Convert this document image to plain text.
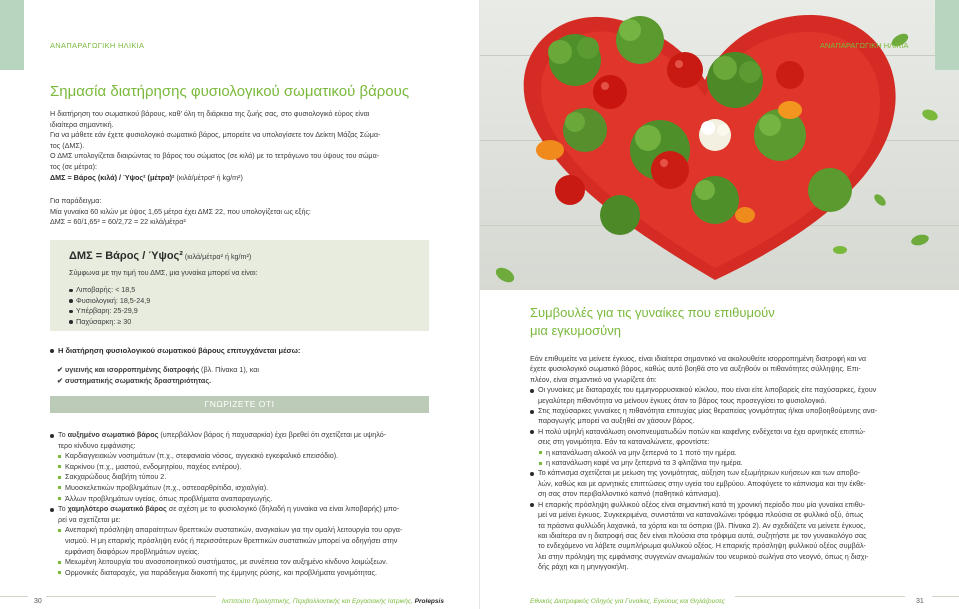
ΑΝΑΠΑΡΑΓΩΓΙΚΗ ΗΛΙΚΙΑ
Σημασία διατήρησης φυσιολογικού σωματικού βάρους
Η διατήρηση του σωματικού βάρους, καθ’ όλη τη διάρκεια της ζωής σας, στο φυσιολογικό εύρος είναι
ιδιαίτερα σημαντική.
Για να μάθετε εάν έχετε φυσιολογικό σωματικό βάρος, μπορείτε να υπολογίσετε τον Δείκτη Μάζας Σώμα-
τος (ΔΜΣ).
Ο ΔΜΣ υπολογίζεται διαιρώντας το βάρος του σώματος (σε κιλά) με το τετράγωνο του ύψους του σώμα-
τος (σε μέτρα):
ΔΜΣ = Βάρος (κιλά) / Ύψος² (μέτρα)² (κιλά/μέτρα² ή kg/m²)
Για παράδειγμα:
Μία γυναίκα 60 κιλών με ύψος 1,65 μέτρα έχει ΔΜΣ 22, που υπολογίζεται ως εξής:
ΔΜΣ = 60/1,65² = 60/2,72 = 22 κιλά/μέτρα²
ΔΜΣ = Βάρος / Ύψος² (κιλά/μέτρα² ή kg/m²)
Σύμφωνα με την τιμή του ΔΜΣ, μια γυναίκα μπορεί να είναι:
Λιποβαρής: < 18,5
Φυσιολογική: 18,5-24,9
Υπέρβαρη: 25-29,9
Παχύσαρκη: ≥ 30
Η διατήρηση φυσιολογικού σωματικού βάρους επιτυγχάνεται μέσω:
✔ υγιεινής και ισορροπημένης διατροφής (βλ. Πίνακα 1), και
✔ συστηματικής σωματικής δραστηριότητας.
ΓΝΩΡΙΖΕΤΕ ΟΤΙ
Το αυξημένο σωματικό βάρος (υπερβάλλον βάρος ή παχυσαρκία) έχει βρεθεί ότι σχετίζεται με υψηλό-
τερο κίνδυνο εμφάνισης:
Καρδιαγγειακών νοσημάτων (π.χ., στεφανιαία νόσος, αγγειακό εγκεφαλικό επεισόδιο).
Καρκίνου (π.χ., μαστού, ενδομητρίου, παχέος εντέρου).
Σακχαρώδους διαβήτη τύπου 2.
Μυοσκελετικών προβλημάτων (π.χ., οστεοαρθρίτιδα, ισχιαλγία).
Άλλων προβλημάτων υγείας, όπως προβλήματα αναπαραγωγής.
Το χαμηλότερο σωματικό βάρος σε σχέση με το φυσιολογικό (δηλαδή η γυναίκα να είναι λιποβαρής) μπο-
ρεί να σχετίζεται με:
Ανεπαρκή πρόσληψη απαραίτητων θρεπτικών συστατικών, αναγκαίων για την ομαλή λειτουργία του οργα-
νισμού. Η μη επαρκής πρόσληψη ενός ή περισσότερων θρεπτικών συστατικών μπορεί να οδηγήσει στην
εμφάνιση διαφόρων προβλημάτων υγείας.
Μειωμένη λειτουργία του ανοσοποιητικού συστήματος, με συνέπεια τον αυξημένο κίνδυνο λοιμώξεων.
Ορμονικές διαταραχές, για παράδειγμα διακοπή της έμμηνης ρύσης, και προβλήματα γονιμότητας.
30	Ινστιτούτο Προληπτικής, Περιβαλλοντικής και Εργασιακής Ιατρικής, Prolepsis
ΑΝΑΠΑΡΑΓΩΓΙΚΗ ΗΛΙΚΙΑ
Συμβουλές για τις γυναίκες που επιθυμούν
μια εγκυμοσύνη
Εάν επιθυμείτε να μείνετε έγκυος, είναι ιδιαίτερα σημαντικό να ακολουθείτε ισορροπημένη διατροφή και να
έχετε φυσιολογικό σωματικό βάρος, καθώς αυτό βοηθά στο να αυξηθούν οι πιθανότητες σύλληψης. Επι-
πλέον, είναι σημαντικό να γνωρίζετε ότι:
Οι γυναίκες με διαταραχές του εμμηνορρυσιακού κύκλου, που είναι είτε λιποβαρείς είτε παχύσαρκες, έχουν
μεγαλύτερη πιθανότητα να μείνουν έγκυες όταν το βάρος τους προσεγγίσει το φυσιολογικό.
Στις παχύσαρκες γυναίκες η πιθανότητα επιτυχίας μίας θεραπείας γονιμότητας ή/και υποβοηθούμενης ανα-
παραγωγής μπορεί να αυξηθεί αν χάσουν βάρος.
Η πολύ υψηλή κατανάλωση οινοπνευματωδών ποτών και καφεΐνης ενδέχεται να έχει αρνητικές επιπτώ-
σεις στη γονιμότητα. Εάν τα καταναλώνετε, φροντίστε:
η κατανάλωση αλκοόλ να μην ξεπερνά το 1 ποτό την ημέρα.
η κατανάλωση καφέ να μην ξεπερνά τα 3 φλιτζάνια την ημέρα.
Το κάπνισμα σχετίζεται με μείωση της γονιμότητας, αύξηση των εξωμήτριων κυήσεων και των αποβο-
λών, καθώς και με αρνητικές επιπτώσεις στην υγεία του εμβρύου. Αποφύγετε το κάπνισμα και την έκθε-
ση σας στον περιβαλλοντικό καπνό (παθητικό κάπνισμα).
Η επαρκής πρόσληψη φυλλικού οξέος είναι σημαντική κατά τη χρονική περίοδο που μία γυναίκα επιθυ-
μεί να μείνει έγκυος. Συγκεκριμένα, συνιστάται να καταναλώνει τρόφιμα πλούσια σε φυλλικό οξύ, όπως
τα πράσινα φυλλώδη λαχανικά, τα χόρτα και τα όσπρια (βλ. Πίνακα 2). Αν σχεδιάζετε να μείνετε έγκυος,
και ιδιαίτερα αν η διατροφή σας δεν είναι πλούσια στα τρόφιμα αυτά, συζητήστε με τον γυναικολόγο σας
το ενδεχόμενο να λάβετε συμπλήρωμα φυλλικού οξέος. Η επαρκής πρόσληψη φυλλικού οξέος συμβάλ-
λει στην πρόληψη της εμφάνισης συγγενών ανωμαλιών του νευρικού σωλήνα στο νεογνό, όπως η δισχι-
δής ράχη και η μηνιγγοκήλη.
Εθνικός Διατροφικός Οδηγός για Γυναίκες, Εγκύους και Θηλάζουσες	31
